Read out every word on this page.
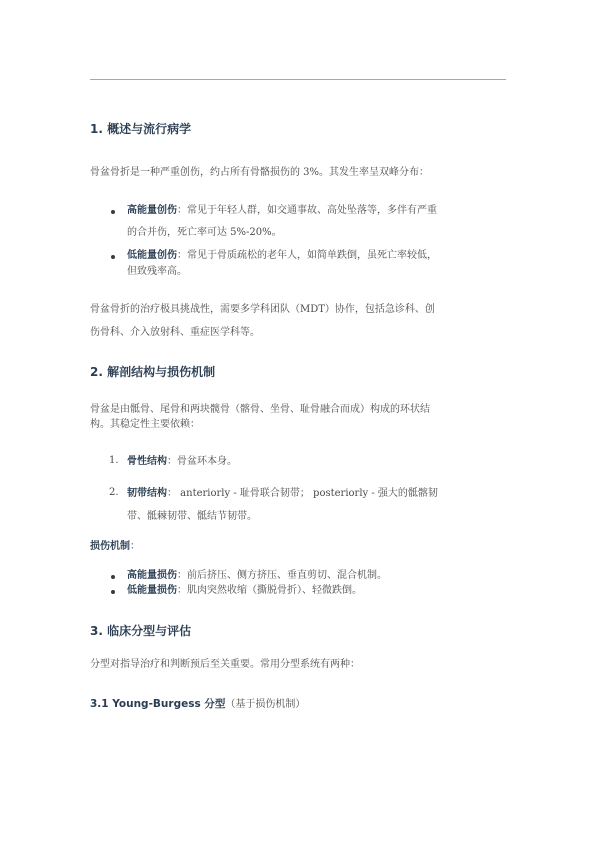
1. 概述与流行病学
骨盆骨折是一种严重创伤，约占所有骨骼损伤的 3%。其发生率呈双峰分布：
高能量创伤：常见于年轻人群，如交通事故、高处坠落等，多伴有严重
的合并伤，死亡率可达 5%-20%。
低能量创伤：常见于骨质疏松的老年人，如简单跌倒，虽死亡率较低，
但致残率高。
骨盆骨折的治疗极具挑战性，需要多学科团队（MDT）协作，包括急诊科、创
伤骨科、介入放射科、重症医学科等。
2. 解剖结构与损伤机制
骨盆是由骶骨、尾骨和两块髋骨（髂骨、坐骨、耻骨融合而成）构成的环状结
构。其稳定性主要依赖：
1. 骨性结构：骨盆环本身。
2. 韧带结构： anteriorly - 耻骨联合韧带； posteriorly - 强大的骶髂韧
带、骶棘韧带、骶结节韧带。
损伤机制：
高能量损伤：前后挤压、侧方挤压、垂直剪切、混合机制。
低能量损伤：肌肉突然收缩（撕脱骨折）、轻微跌倒。
3. 临床分型与评估
分型对指导治疗和判断预后至关重要。常用分型系统有两种：
3.1 Young-Burgess 分型（基于损伤机制）
